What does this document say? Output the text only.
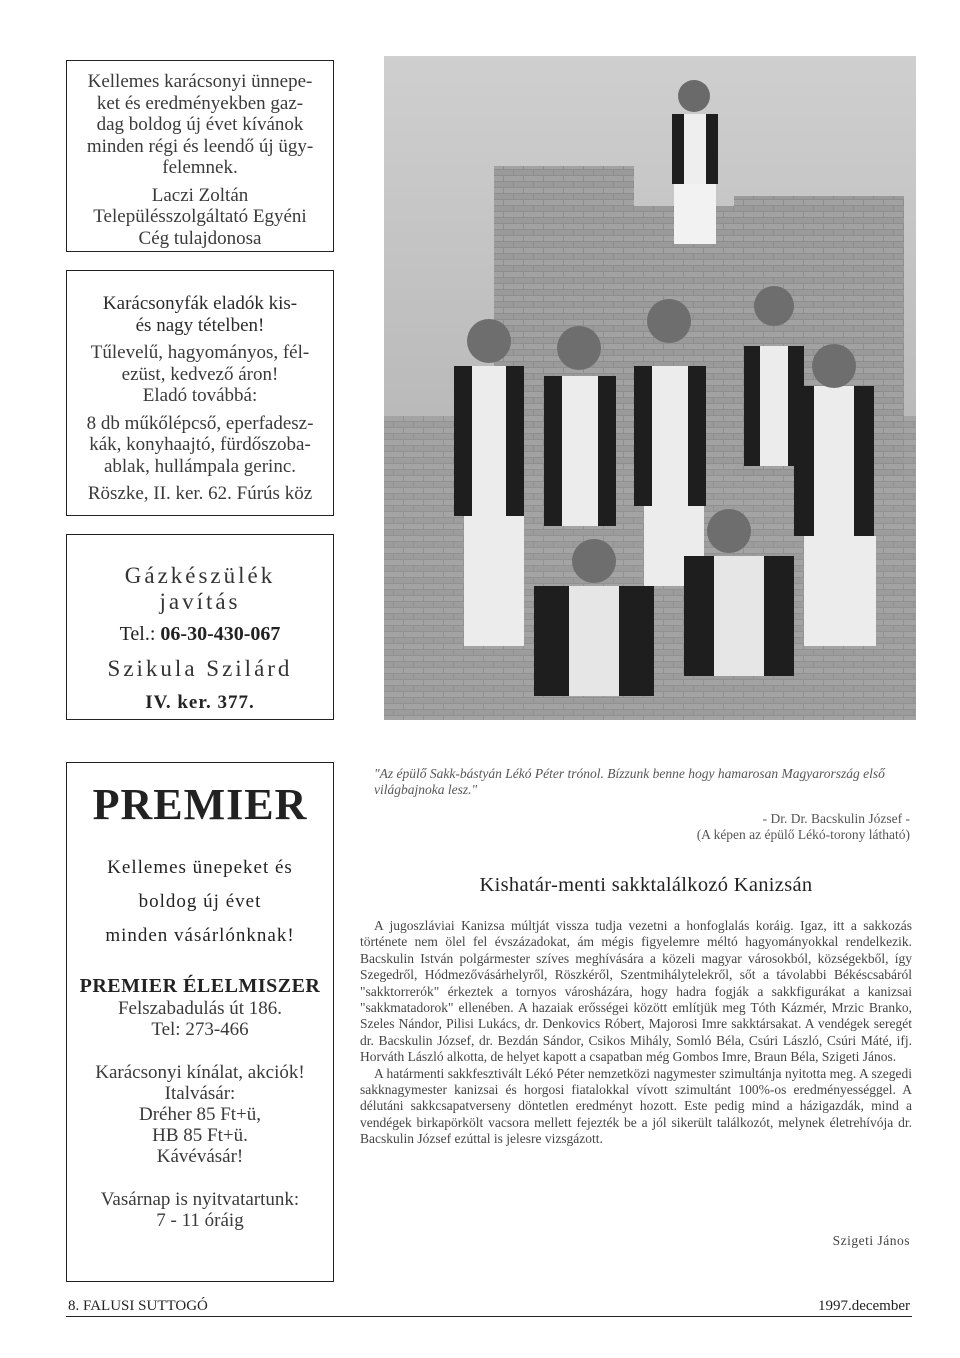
Kellemes karácsonyi ünnepe-
ket és eredményekben gaz-
dag boldog új évet kívánok
minden régi és leendő új ügy-
felemnek.
Laczi Zoltán
Településszolgáltató Egyéni
Cég tulajdonosa
Karácsonyfák eladók kis-
és nagy tételben!
Tűlevelű, hagyományos, fél-
ezüst, kedvező áron!
Eladó továbbá:
8 db műkőlépcső, eperfadesz-
kák, konyhaajtó, fürdőszoba-
ablak, hullámpala gerinc.
Röszke, II. ker. 62. Fúrús köz
Gázkészülék
javítás
Tel.: 06-30-430-067
Szikula Szilárd
IV. ker. 377.
PREMIER
Kellemes ünepeket és
boldog új évet
minden vásárlónknak!
PREMIER ÉLELMISZER
Felszabadulás út 186.
Tel: 273-466
Karácsonyi kínálat, akciók!
Italvásár:
Dréher 85 Ft+ü,
HB 85 Ft+ü.
Kávévásár!
Vasárnap is nyitvatartunk:
7 - 11 óráig
"Az épülő Sakk-bástyán Lékó Péter trónol. Bízzunk benne hogy hamarosan Magyarország első világbajnoka lesz."
- Dr. Dr. Bacskulin József -
(A képen az épülő Lékó-torony látható)
Kishatár-menti sakktalálkozó Kanizsán

A jugoszláviai Kanizsa múltját vissza tudja vezetni a honfoglalás koráig. Igaz, itt a sakkozás története nem ölel fel évszázadokat, ám mégis figyelemre méltó hagyományokkal rendelkezik. Bacskulin István polgármester szíves meghívására a közeli magyar városokból, községekből, így Szegedről, Hódmezővásárhelyről, Röszkéről, Szentmihálytelekről, sőt a távolabbi Békéscsabáról "sakktorrerók" érkeztek a tornyos városházára, hogy hadra fogják a sakkfigurákat a kanizsai "sakkmatadorok" ellenében. A hazaiak erősségei között említjük meg Tóth Kázmér, Mrzic Branko, Szeles Nándor, Pilisi Lukács, dr. Denkovics Róbert, Majorosi Imre sakktársakat. A vendégek seregét dr. Bacskulin József, dr. Bezdán Sándor, Csikos Mihály, Somló Béla, Csúri László, Csúri Máté, ifj. Horváth László alkotta, de helyet kapott a csapatban még Gombos Imre, Braun Béla, Szigeti János.

A határmenti sakkfesztivált Lékó Péter nemzetközi nagymester szimultánja nyitotta meg. A szegedi sakknagymester kanizsai és horgosi fiatalokkal vívott szimultánt 100%-os eredményességgel. A délutáni sakkcsapatverseny döntetlen eredményt hozott. Este pedig mind a házigazdák, mind a vendégek birkapörkölt vacsora mellett fejezték be a jól sikerült találkozót, melynek életrehívója dr. Bacskulin József ezúttal is jelesre vizsgázott.

Szigeti János
8. FALUSI SUTTOGÓ	1997.december
